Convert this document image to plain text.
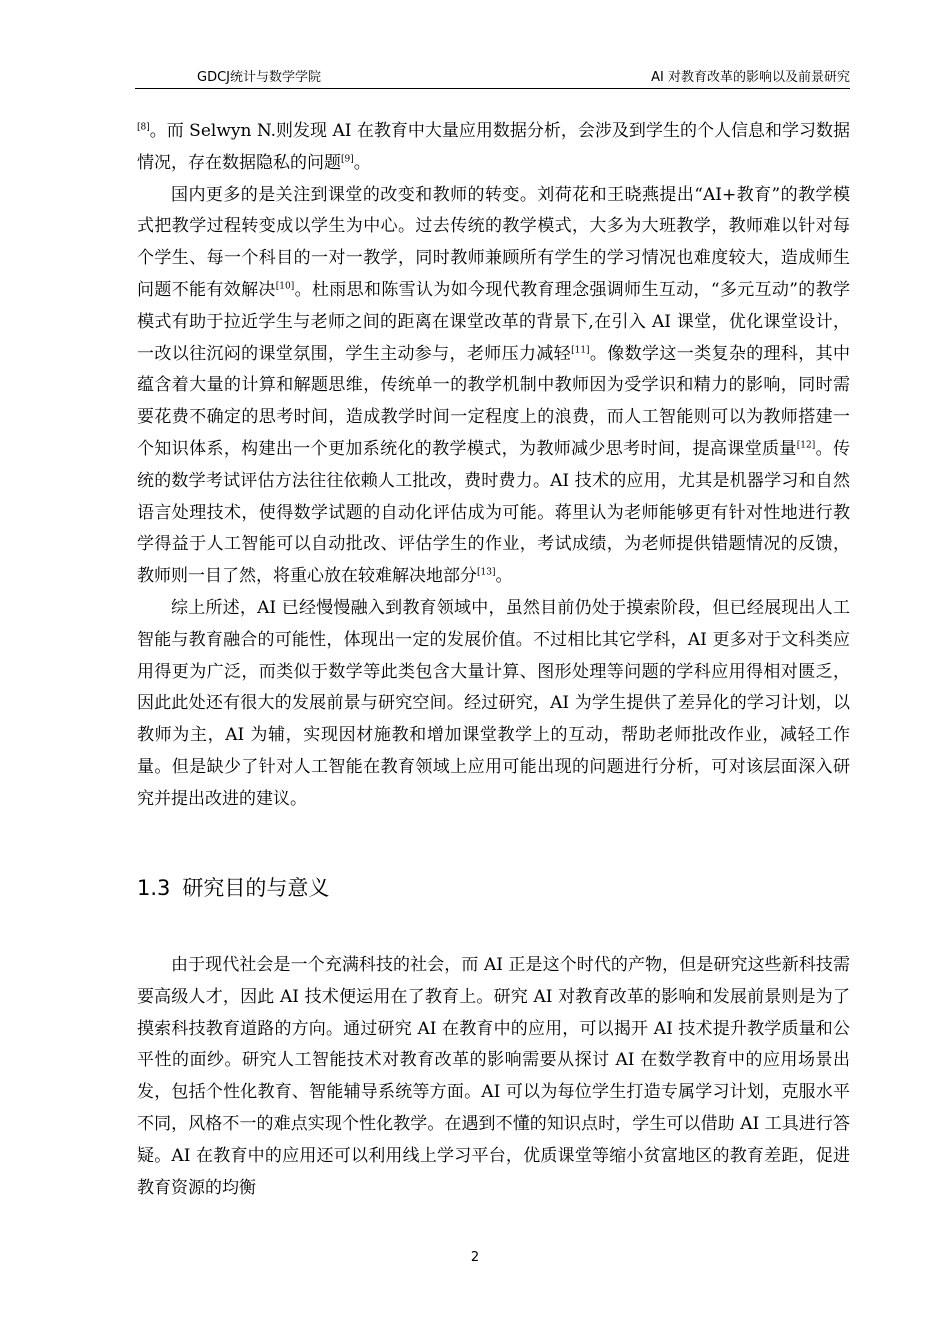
GDCJ统计与数学学院	AI 对教育改革的影响以及前景研究

[8]。而 Selwyn N.则发现 AI 在教育中大量应用数据分析，会涉及到学生的个人信息和学习数据情况，存在数据隐私的问题[9]。

国内更多的是关注到课堂的改变和教师的转变。刘荷花和王晓燕提出“AI+教育”的教学模式把教学过程转变成以学生为中心。过去传统的教学模式，大多为大班教学，教师难以针对每个学生、每一个科目的一对一教学，同时教师兼顾所有学生的学习情况也难度较大，造成师生问题不能有效解决[10]。杜雨思和陈雪认为如今现代教育理念强调师生互动，“多元互动”的教学模式有助于拉近学生与老师之间的距离在课堂改革的背景下,在引入 AI 课堂，优化课堂设计，一改以往沉闷的课堂氛围，学生主动参与，老师压力减轻[11]。像数学这一类复杂的理科，其中蕴含着大量的计算和解题思维，传统单一的教学机制中教师因为受学识和精力的影响，同时需要花费不确定的思考时间，造成教学时间一定程度上的浪费，而人工智能则可以为教师搭建一个知识体系，构建出一个更加系统化的教学模式，为教师减少思考时间，提高课堂质量[12]。传统的数学考试评估方法往往依赖人工批改，费时费力。AI 技术的应用，尤其是机器学习和自然语言处理技术，使得数学试题的自动化评估成为可能。蒋里认为老师能够更有针对性地进行教学得益于人工智能可以自动批改、评估学生的作业，考试成绩，为老师提供错题情况的反馈，教师则一目了然，将重心放在较难解决地部分[13]。

综上所述，AI 已经慢慢融入到教育领域中，虽然目前仍处于摸索阶段，但已经展现出人工智能与教育融合的可能性，体现出一定的发展价值。不过相比其它学科，AI 更多对于文科类应用得更为广泛，而类似于数学等此类包含大量计算、图形处理等问题的学科应用得相对匮乏，因此此处还有很大的发展前景与研究空间。经过研究，AI 为学生提供了差异化的学习计划，以教师为主，AI 为辅，实现因材施教和增加课堂教学上的互动，帮助老师批改作业，减轻工作量。但是缺少了针对人工智能在教育领域上应用可能出现的问题进行分析，可对该层面深入研究并提出改进的建议。

1.3 研究目的与意义

由于现代社会是一个充满科技的社会，而 AI 正是这个时代的产物，但是研究这些新科技需要高级人才，因此 AI 技术便运用在了教育上。研究 AI 对教育改革的影响和发展前景则是为了摸索科技教育道路的方向。通过研究 AI 在教育中的应用，可以揭开 AI 技术提升教学质量和公平性的面纱。研究人工智能技术对教育改革的影响需要从探讨 AI 在数学教育中的应用场景出发，包括个性化教育、智能辅导系统等方面。AI 可以为每位学生打造专属学习计划，克服水平不同，风格不一的难点实现个性化教学。在遇到不懂的知识点时，学生可以借助 AI 工具进行答疑。AI 在教育中的应用还可以利用线上学习平台，优质课堂等缩小贫富地区的教育差距，促进教育资源的均衡

2
